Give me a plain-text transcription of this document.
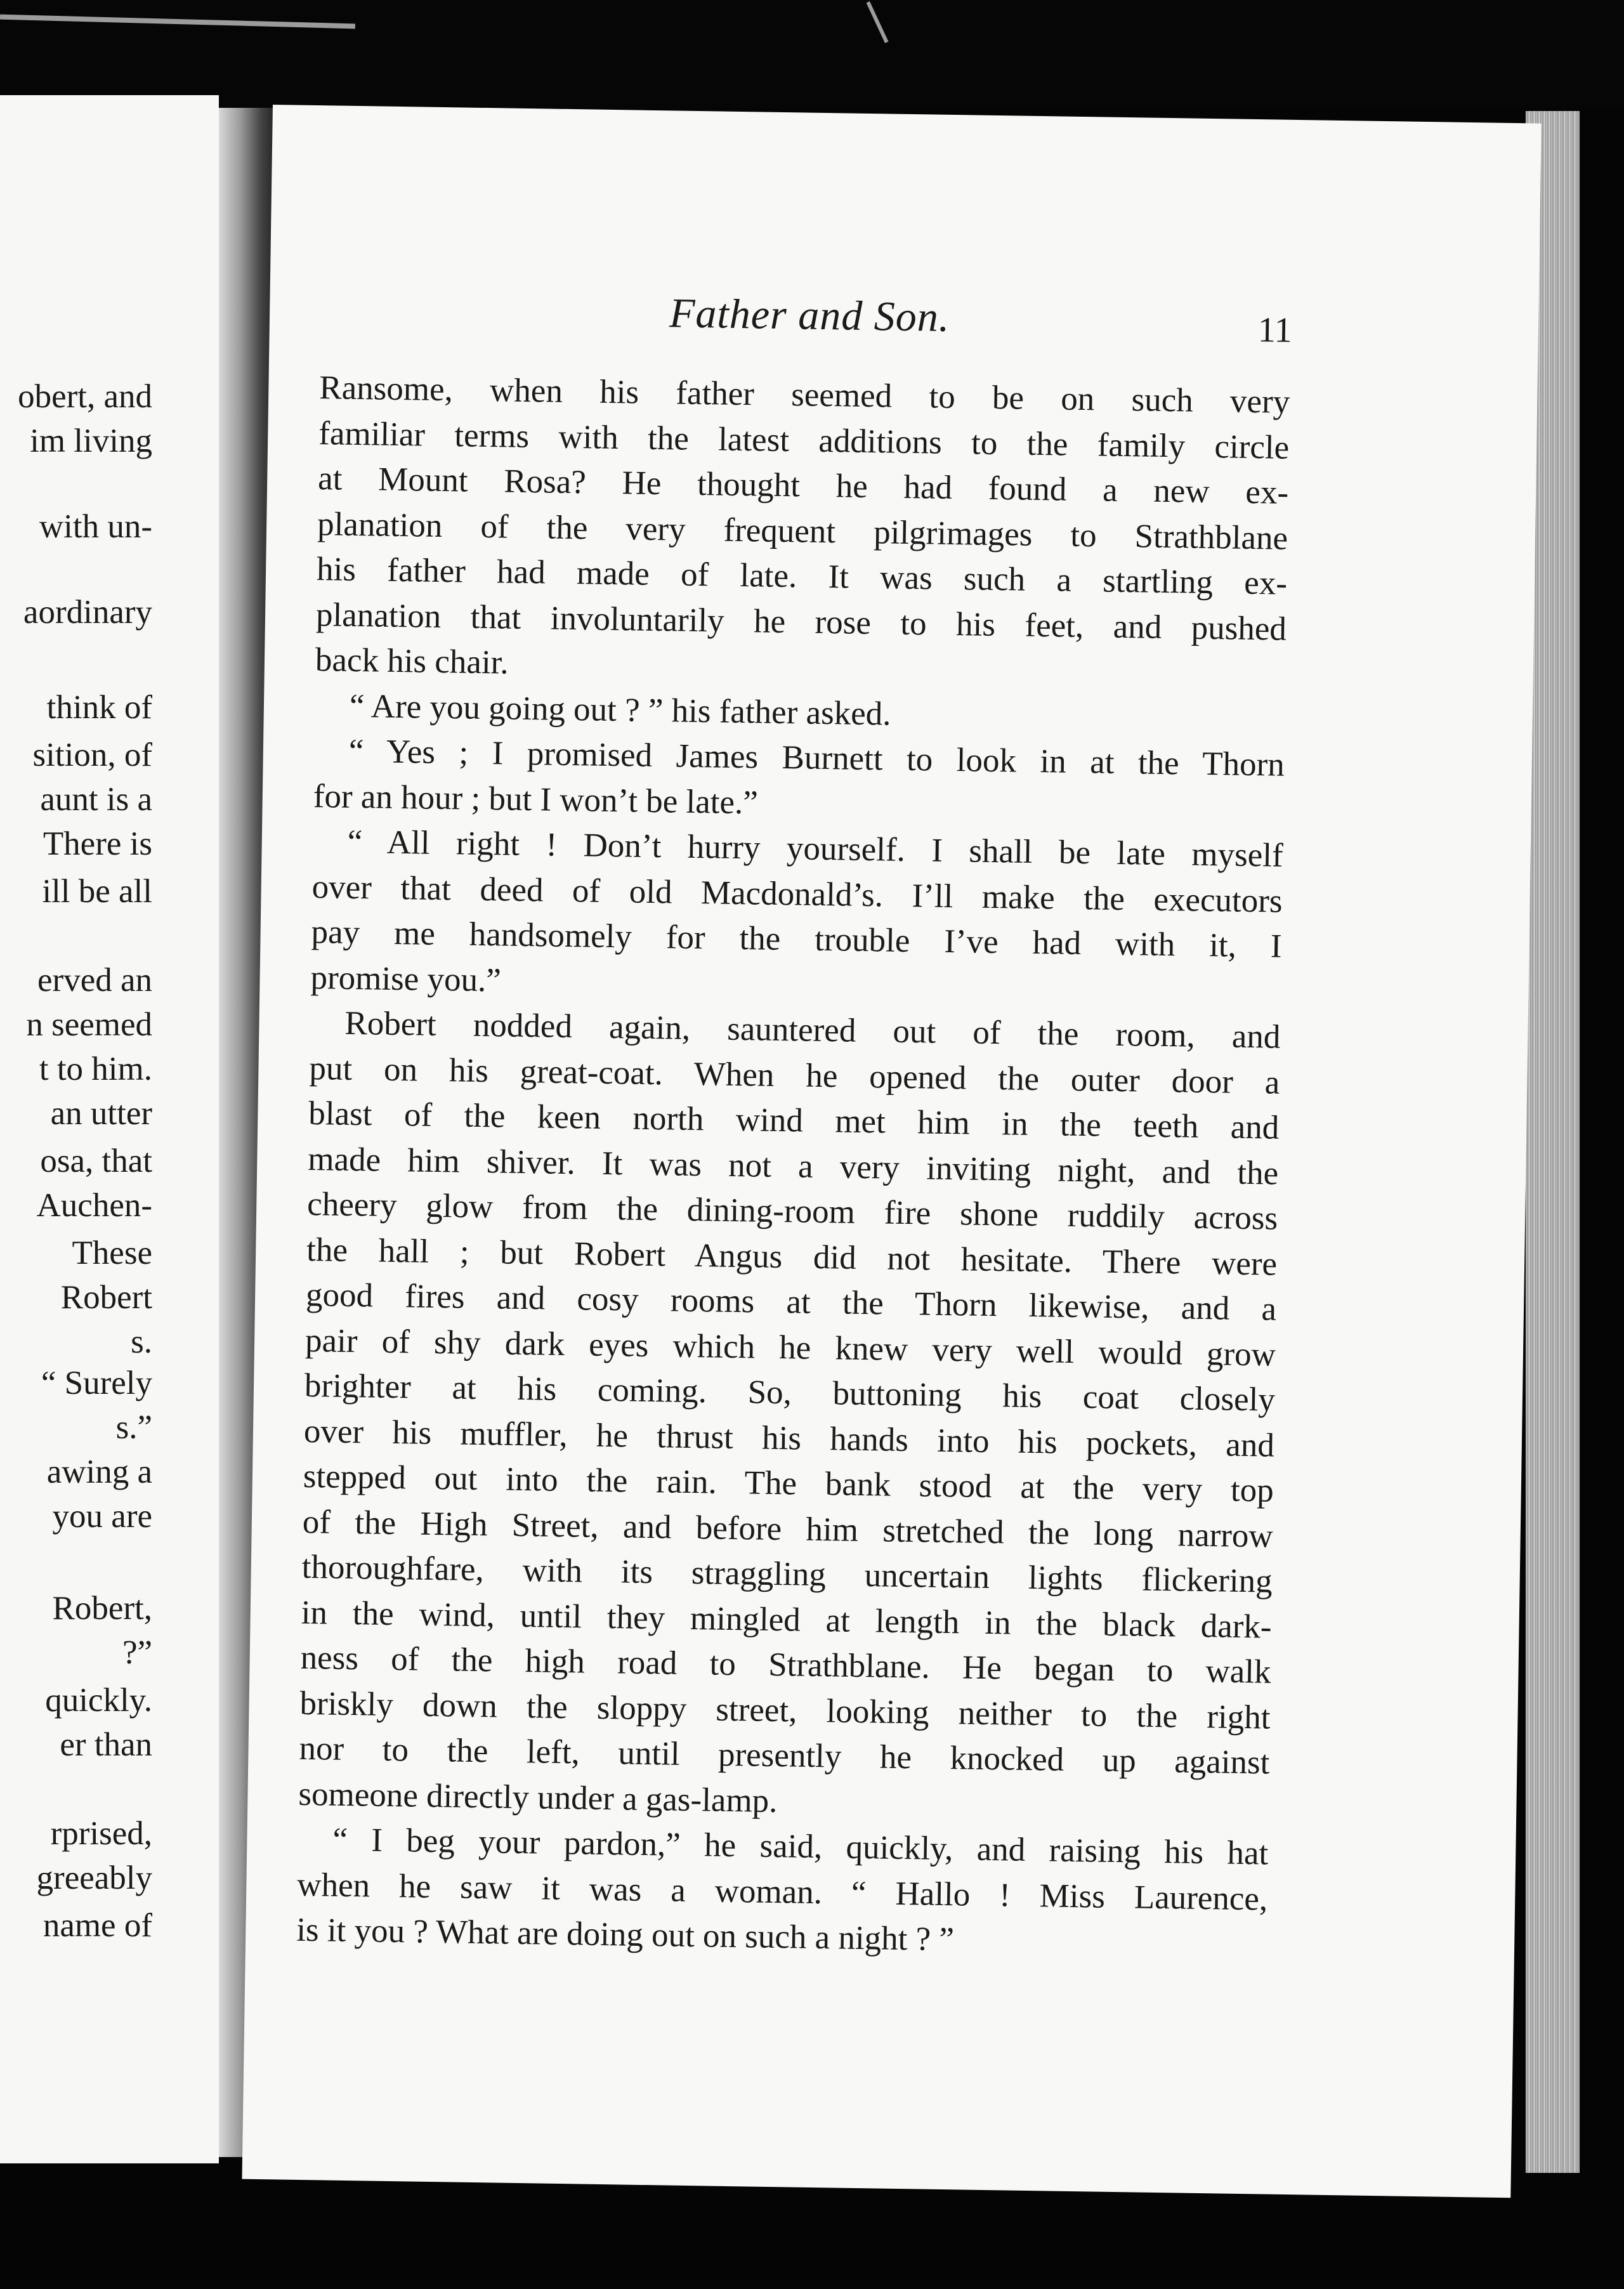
obert, and
im living
with un-
aordinary
think of
sition, of
aunt is a
There is
ill be all
erved an
n seemed
t to him.
an utter
osa, that
Auchen-
These
Robert
s.
“ Surely
s.”
awing a
you are
Robert,
?”
quickly.
er than
rprised,
greeably
name of
Father and Son.	11
Ransome, when his father seemed to be on such very
familiar terms with the latest additions to the family circle
at Mount Rosa? He thought he had found a new ex-
planation of the very frequent pilgrimages to Strathblane
his father had made of late. It was such a startling ex-
planation that involuntarily he rose to his feet, and pushed
back his chair.
“ Are you going out ? ” his father asked.
“ Yes ; I promised James Burnett to look in at the Thorn
for an hour ; but I won’t be late.”
“ All right ! Don’t hurry yourself. I shall be late myself
over that deed of old Macdonald’s. I’ll make the executors
pay me handsomely for the trouble I’ve had with it, I
promise you.”
Robert nodded again, sauntered out of the room, and
put on his great-coat. When he opened the outer door a
blast of the keen north wind met him in the teeth and
made him shiver. It was not a very inviting night, and the
cheery glow from the dining-room fire shone ruddily across
the hall ; but Robert Angus did not hesitate. There were
good fires and cosy rooms at the Thorn likewise, and a
pair of shy dark eyes which he knew very well would grow
brighter at his coming. So, buttoning his coat closely
over his muffler, he thrust his hands into his pockets, and
stepped out into the rain. The bank stood at the very top
of the High Street, and before him stretched the long narrow
thoroughfare, with its straggling uncertain lights flickering
in the wind, until they mingled at length in the black dark-
ness of the high road to Strathblane. He began to walk
briskly down the sloppy street, looking neither to the right
nor to the left, until presently he knocked up against
someone directly under a gas-lamp.
“ I beg your pardon,” he said, quickly, and raising his hat
when he saw it was a woman. “ Hallo ! Miss Laurence,
is it you ? What are doing out on such a night ? ”
